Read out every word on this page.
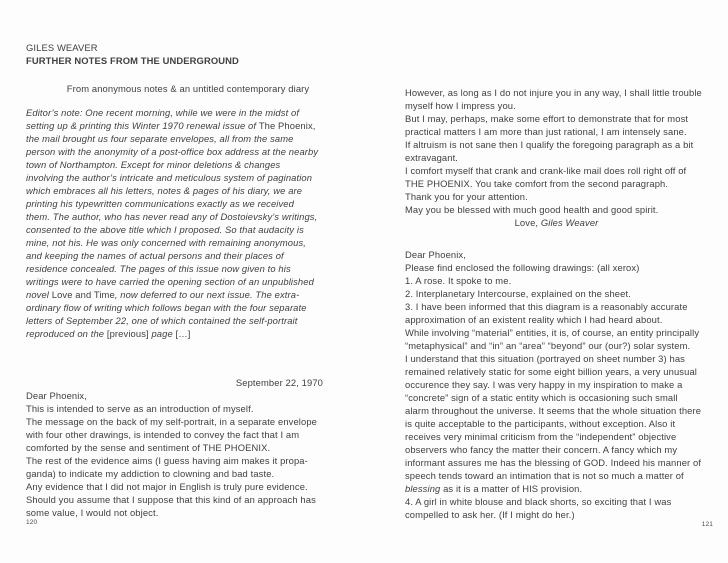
GILES WEAVER
FURTHER NOTES FROM THE UNDERGROUND
From anonymous notes & an untitled contemporary diary
Editor’s note: One recent morning, while we were in the midst of
setting up & printing this Winter 1970 renewal issue of The Phoenix,
the mail brought us four separate envelopes, all from the same
person with the anonymity of a post-office box address at the nearby
town of Northampton. Except for minor deletions & changes
involving the author’s intricate and meticulous system of pagination
which embraces all his letters, notes & pages of his diary, we are
printing his typewritten communications exactly as we received
them. The author, who has never read any of Dostoievsky’s writings,
consented to the above title which I proposed. So that audacity is
mine, not his. He was only concerned with remaining anonymous,
and keeping the names of actual persons and their places of
residence concealed. The pages of this issue now given to his
writings were to have carried the opening section of an unpublished
novel Love and Time, now deferred to our next issue. The extra-
ordinary flow of writing which follows began with the four separate
letters of September 22, one of which contained the self-portrait
reproduced on the [previous] page […]
September 22, 1970
Dear Phoenix,
This is intended to serve as an introduction of myself.
The message on the back of my self-portrait, in a separate envelope
with four other drawings, is intended to convey the fact that I am
comforted by the sense and sentiment of THE PHOENIX.
The rest of the evidence aims (I guess having aim makes it propa-
ganda) to indicate my addiction to clowning and bad taste.
Any evidence that I did not major in English is truly pure evidence.
Should you assume that I suppose that this kind of an approach has
some value, I would not object.
120
However, as long as I do not injure you in any way, I shall little trouble
myself how I impress you.
But I may, perhaps, make some effort to demonstrate that for most
practical matters I am more than just rational, I am intensely sane.
If altruism is not sane then I qualify the foregoing paragraph as a bit
extravagant.
I comfort myself that crank and crank-like mail does roll right off of
THE PHOENIX. You take comfort from the second paragraph.
Thank you for your attention.
May you be blessed with much good health and good spirit.
Love, Giles Weaver
Dear Phoenix,
Please find enclosed the following drawings: (all xerox)
1. A rose. It spoke to me.
2. Interplanetary Intercourse, explained on the sheet.
3. I have been informed that this diagram is a reasonably accurate
approximation of an existent reality which I had heard about.
While involving “material” entities, it is, of course, an entity principally
“metaphysical” and “in” an “area” “beyond” our (our?) solar system.
I understand that this situation (portrayed on sheet number 3) has
remained relatively static for some eight billion years, a very unusual
occurence they say. I was very happy in my inspiration to make a
“concrete” sign of a static entity which is occasioning such small
alarm throughout the universe. It seems that the whole situation there
is quite acceptable to the participants, without exception. Also it
receives very minimal criticism from the “independent” objective
observers who fancy the matter their concern. A fancy which my
informant assures me has the blessing of GOD. Indeed his manner of
speech tends toward an intimation that is not so much a matter of
blessing as it is a matter of HIS provision.
4. A girl in white blouse and black shorts, so exciting that I was
compelled to ask her. (If I might do her.)
121
